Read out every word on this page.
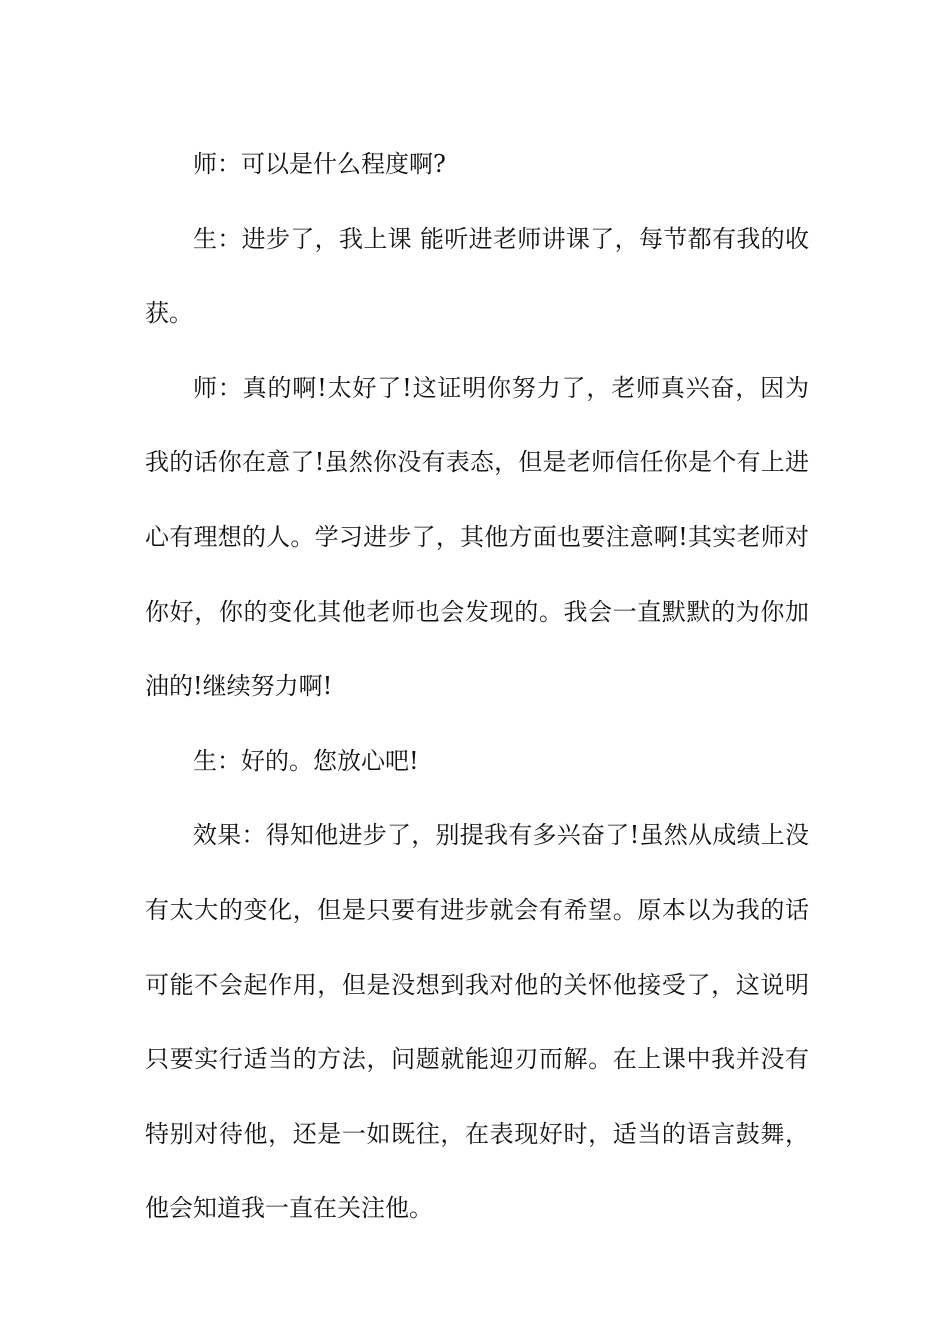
师：可以是什么程度啊?

生：进步了，我上课 能听进老师讲课了，每节都有我的收获。

师：真的啊!太好了!这证明你努力了，老师真兴奋，因为我的话你在意了!虽然你没有表态，但是老师信任你是个有上进心有理想的人。学习进步了，其他方面也要注意啊!其实老师对你好，你的变化其他老师也会发现的。我会一直默默的为你加油的!继续努力啊!

生：好的。您放心吧!

效果：得知他进步了，别提我有多兴奋了!虽然从成绩上没有太大的变化，但是只要有进步就会有希望。原本以为我的话可能不会起作用，但是没想到我对他的关怀他接受了，这说明只要实行适当的方法，问题就能迎刃而解。在上课中我并没有特别对待他，还是一如既往，在表现好时，适当的语言鼓舞，他会知道我一直在关注他。
